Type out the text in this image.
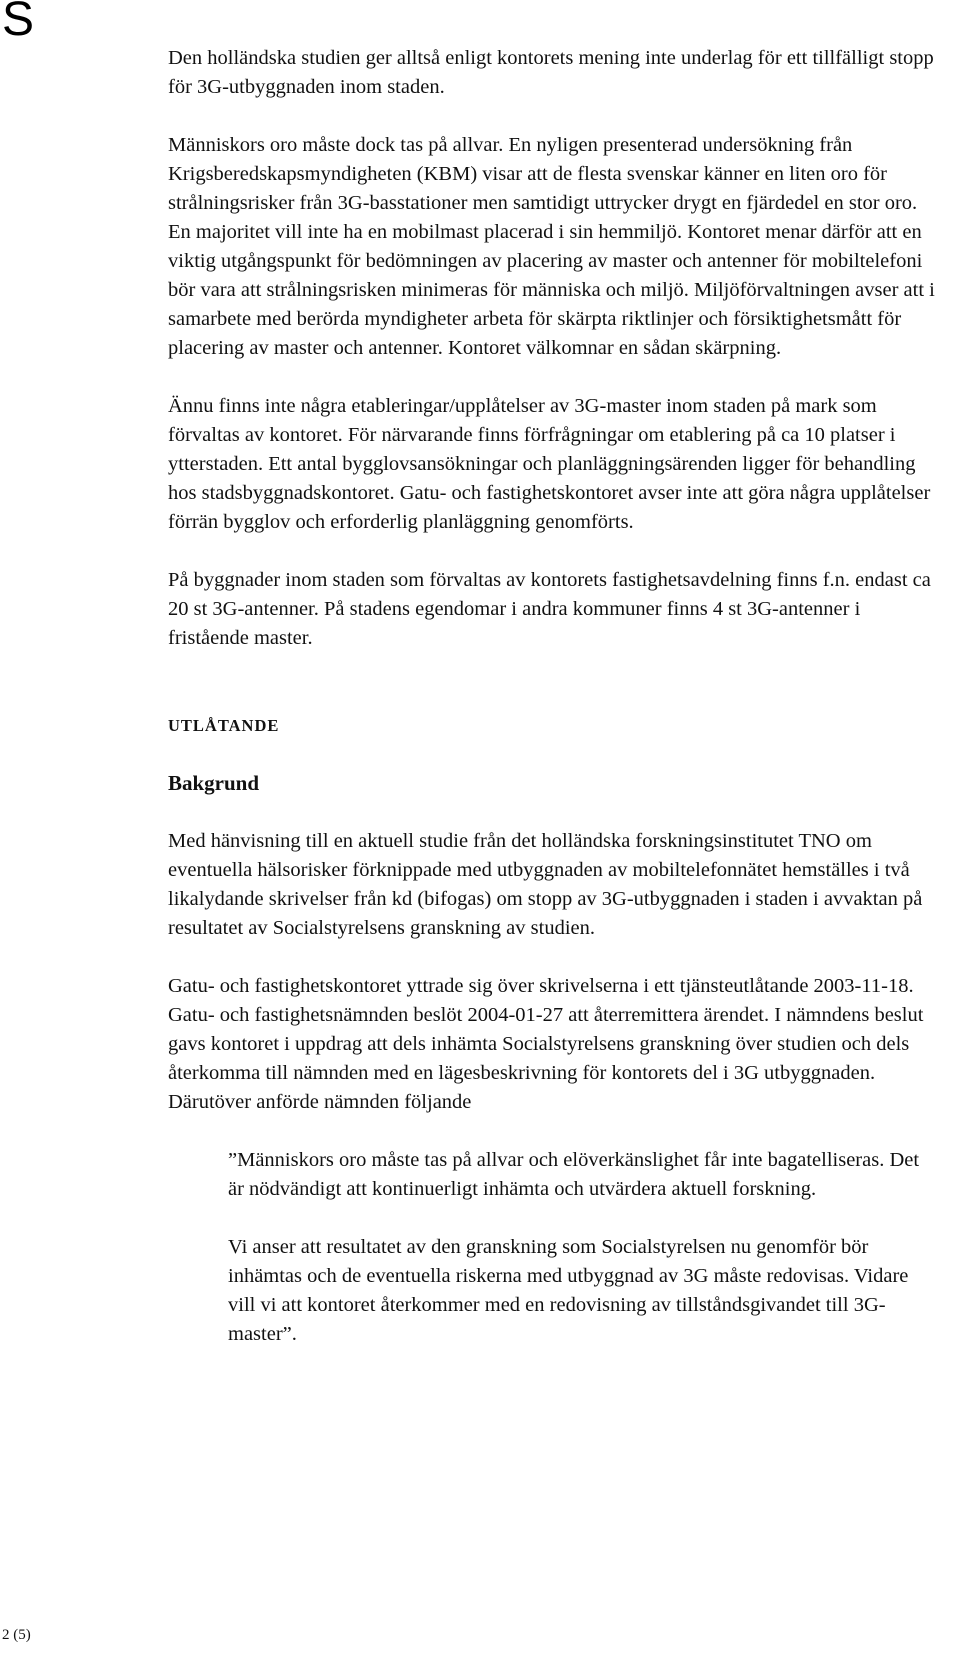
S

Den holländska studien ger alltså enligt kontorets mening inte underlag för ett tillfälligt stopp för 3G-utbyggnaden inom staden.

Människors oro måste dock tas på allvar. En nyligen presenterad undersökning från Krigsberedskapsmyndigheten (KBM) visar att de flesta svenskar känner en liten oro för strålningsrisker från 3G-basstationer men samtidigt uttrycker drygt en fjärdedel en stor oro. En majoritet vill inte ha en mobilmast placerad i sin hemmiljö. Kontoret menar därför att en viktig utgångspunkt för bedömningen av placering av master och antenner för mobiltelefoni bör vara att strålningsrisken minimeras för människa och miljö. Miljöförvaltningen avser att i samarbete med berörda myndigheter arbeta för skärpta riktlinjer och försiktighetsmått för placering av master och antenner. Kontoret välkomnar en sådan skärpning.

Ännu finns inte några etableringar/upplåtelser av 3G-master inom staden på mark som förvaltas av kontoret. För närvarande finns förfrågningar om etablering på ca 10 platser i ytterstaden. Ett antal bygglovsansökningar och planläggningsärenden ligger för behandling hos stadsbyggnadskontoret. Gatu- och fastighetskontoret avser inte att göra några upplåtelser förrän bygglov och erforderlig planläggning genomförts.

På byggnader inom staden som förvaltas av kontorets fastighetsavdelning finns f.n. endast ca 20 st 3G-antenner. På stadens egendomar i andra kommuner finns 4 st 3G-antenner i fristående master.

UTLÅTANDE
Bakgrund

Med hänvisning till en aktuell studie från det holländska forskningsinstitutet TNO om eventuella hälsorisker förknippade med utbyggnaden av mobiltelefonnätet hemställes i två likalydande skrivelser från kd (bifogas) om stopp av 3G-utbyggnaden i staden i avvaktan på resultatet av Socialstyrelsens granskning av studien.

Gatu- och fastighetskontoret yttrade sig över skrivelserna i ett tjänsteutlåtande 2003-11-18. Gatu- och fastighetsnämnden beslöt 2004-01-27 att återremittera ärendet. I nämndens beslut gavs kontoret i uppdrag att dels inhämta Socialstyrelsens granskning över studien och dels återkomma till nämnden med en lägesbeskrivning för kontorets del i 3G utbyggnaden. Därutöver anförde nämnden följande

”Människors oro måste tas på allvar och elöverkänslighet får inte bagatelliseras. Det är nödvändigt att kontinuerligt inhämta och utvärdera aktuell forskning.

Vi anser att resultatet av den granskning som Socialstyrelsen nu genomför bör inhämtas och de eventuella riskerna med utbyggnad av 3G måste redovisas. Vidare vill vi att kontoret återkommer med en redovisning av tillståndsgivandet till 3G-master”.

2 (5)
